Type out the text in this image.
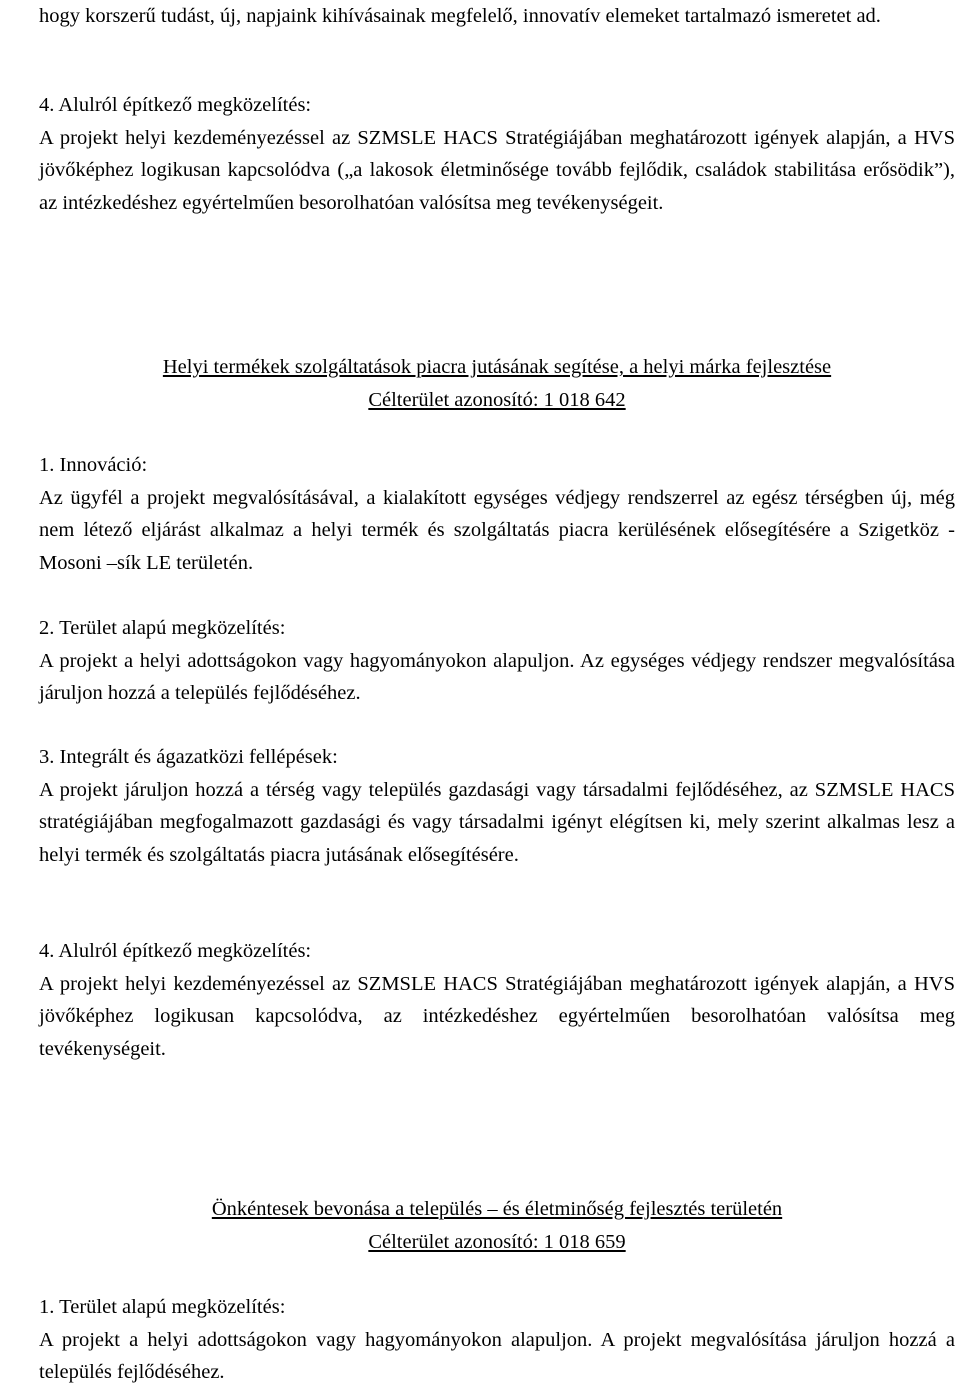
hogy korszerű tudást, új, napjaink kihívásainak megfelelő, innovatív elemeket tartalmazó ismeretet ad.
4. Alulról építkező megközelítés:
A projekt helyi kezdeményezéssel az SZMSLE HACS Stratégiájában meghatározott igények alapján, a HVS jövőképhez logikusan kapcsolódva („a lakosok életminősége tovább fejlődik, családok stabilitása erősödik”), az intézkedéshez egyértelműen besorolhatóan valósítsa meg tevékenységeit.
Helyi termékek szolgáltatások piacra jutásának segítése, a helyi márka fejlesztése
Célterület azonosító: 1 018 642
1. Innováció:
Az ügyfél a projekt megvalósításával, a kialakított egységes védjegy rendszerrel az egész térségben új, még nem létező eljárást alkalmaz a helyi termék és szolgáltatás piacra kerülésének elősegítésére a Szigetköz - Mosoni –sík LE területén.
2. Terület alapú megközelítés:
A projekt a helyi adottságokon vagy hagyományokon alapuljon. Az egységes védjegy rendszer megvalósítása járuljon hozzá a település fejlődéséhez.
3. Integrált és ágazatközi fellépések:
A projekt járuljon hozzá a térség vagy település gazdasági vagy társadalmi fejlődéséhez, az SZMSLE HACS stratégiájában megfogalmazott gazdasági és vagy társadalmi igényt elégítsen ki, mely szerint alkalmas lesz a helyi termék és szolgáltatás piacra jutásának elősegítésére.
4. Alulról építkező megközelítés:
A projekt helyi kezdeményezéssel az SZMSLE HACS Stratégiájában meghatározott igények alapján, a HVS jövőképhez logikusan kapcsolódva, az intézkedéshez egyértelműen besorolhatóan valósítsa meg tevékenységeit.
Önkéntesek bevonása a település – és életminőség fejlesztés területén
Célterület azonosító: 1 018 659
1. Terület alapú megközelítés:
A projekt a helyi adottságokon vagy hagyományokon alapuljon. A projekt megvalósítása járuljon hozzá a település fejlődéséhez.
